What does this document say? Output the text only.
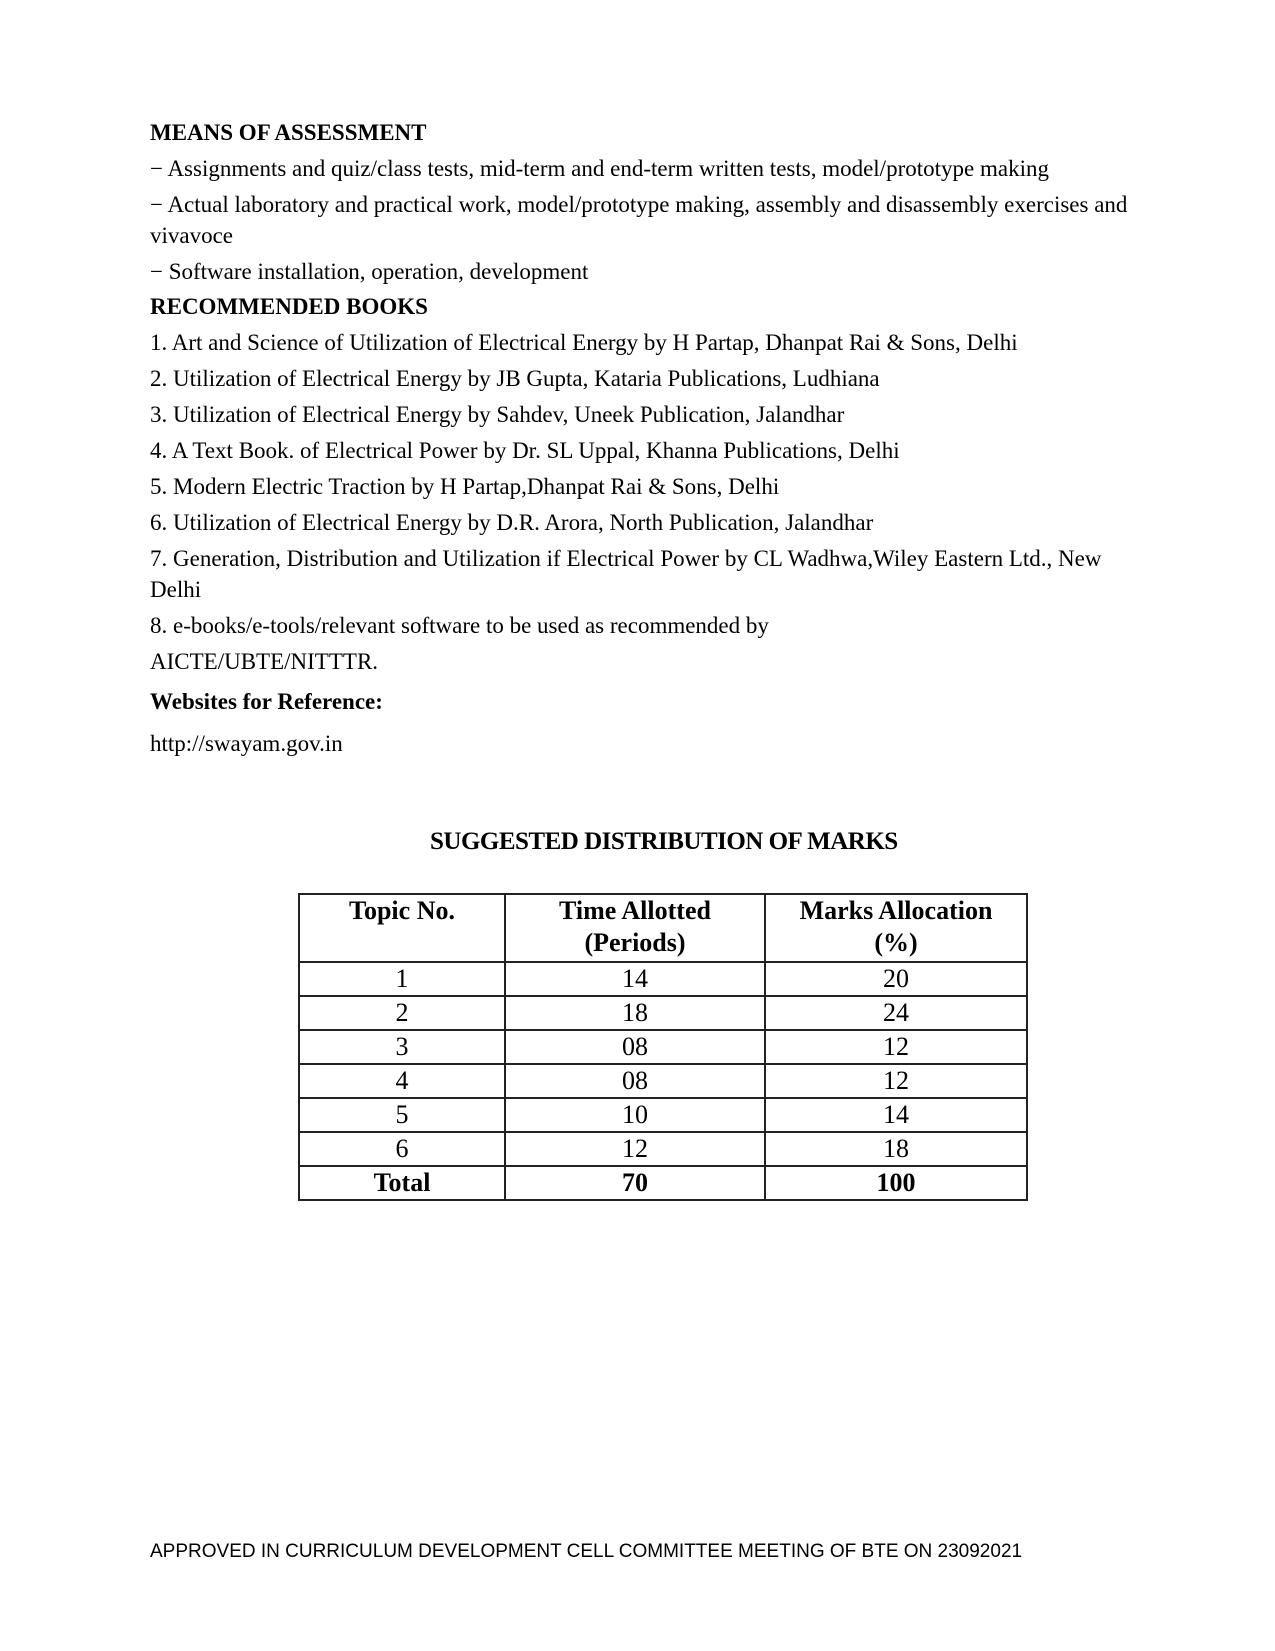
MEANS OF ASSESSMENT
− Assignments and quiz/class tests, mid-term and end-term written tests, model/prototype making
− Actual laboratory and practical work, model/prototype making, assembly and disassembly exercises and vivavoce
− Software installation, operation, development
RECOMMENDED BOOKS
1. Art and Science of Utilization of Electrical Energy by H Partap, Dhanpat Rai & Sons, Delhi
2. Utilization of Electrical Energy by JB Gupta, Kataria Publications, Ludhiana
3. Utilization of Electrical Energy by Sahdev, Uneek Publication, Jalandhar
4. A Text Book. of Electrical Power by Dr. SL Uppal, Khanna Publications, Delhi
5. Modern Electric Traction by H Partap,Dhanpat Rai & Sons, Delhi
6. Utilization of Electrical Energy by D.R. Arora, North Publication, Jalandhar
7. Generation, Distribution and Utilization if Electrical Power by CL Wadhwa,Wiley Eastern Ltd., New Delhi
8. e-books/e-tools/relevant software to be used as recommended by
AICTE/UBTE/NITTTR.
Websites for Reference:
http://swayam.gov.in
SUGGESTED DISTRIBUTION OF MARKS
Topic No.	Time Allotted (Periods)	Marks Allocation (%)
1	14	20
2	18	24
3	08	12
4	08	12
5	10	14
6	12	18
Total	70	100
APPROVED IN CURRICULUM DEVELOPMENT CELL COMMITTEE MEETING OF BTE ON 23092021
